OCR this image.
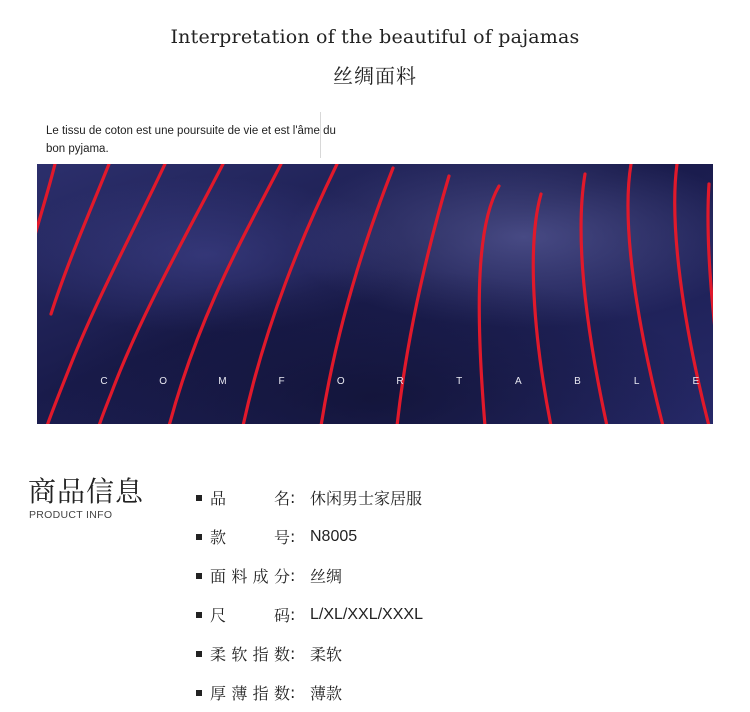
Interpretation of the beautiful of pajamas
丝绸面料
Le tissu de coton est une poursuite de vie et est l'âme du bon pyjama.
C	O	M	F	O	R	T	A	B	L	E
商品信息
PRODUCT INFO
品	名 : 休闲男士家居服
款	号 : N8005
面 料 成 分 : 丝绸
尺	码 : L/XL/XXL/XXXL
柔 软 指 数 : 柔软
厚 薄 指 数 : 薄款
